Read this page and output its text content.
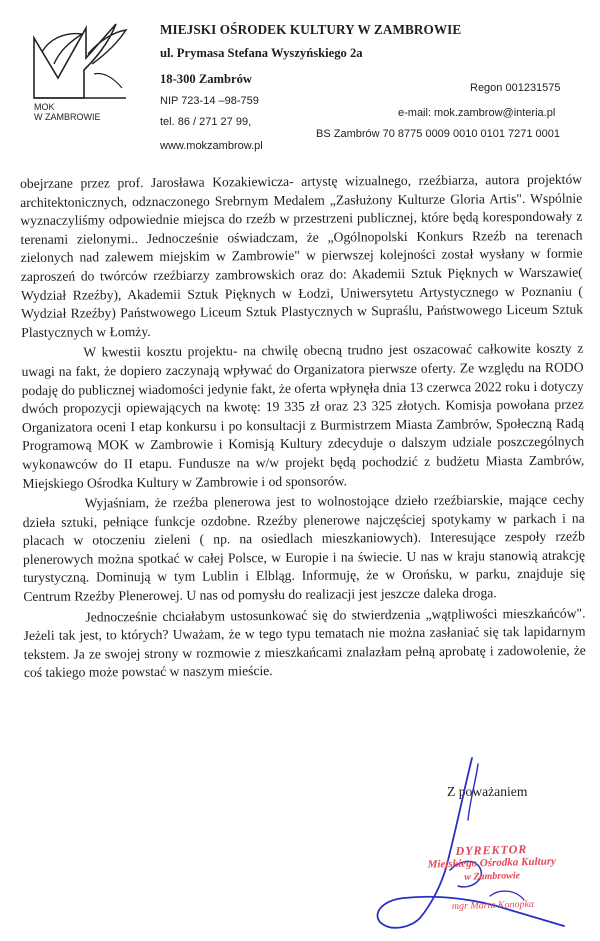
MOK
W ZAMBROWIE
MIEJSKI OŚRODEK KULTURY W ZAMBROWIE
ul. Prymasa Stefana Wyszyńskiego 2a
18-300 Zambrów
NIP 723-14 –98-759
tel. 86 / 271 27 99,
www.mokzambrow.pl
Regon 001231575
e-mail: mok.zambrow@interia.pl
BS Zambrów 70 8775 0009 0010 0101 7271 0001

obejrzane przez prof. Jarosława Kozakiewicza- artystę wizualnego, rzeźbiarza, autora projektów architektonicznych, odznaczonego Srebrnym Medalem „Zasłużony Kulturze Gloria Artis". Wspólnie wyznaczyliśmy odpowiednie miejsca do rzeźb w przestrzeni publicznej, które będą korespondowały z terenami zielonymi.. Jednocześnie oświadczam, że „Ogólnopolski Konkurs Rzeźb na terenach zielonych nad zalewem miejskim w Zambrowie" w pierwszej kolejności został wysłany w formie zaproszeń do twórców rzeźbiarzy zambrowskich oraz do: Akademii Sztuk Pięknych w Warszawie( Wydział Rzeźby), Akademii Sztuk Pięknych w Łodzi, Uniwersytetu Artystycznego w Poznaniu ( Wydział Rzeźby) Państwowego Liceum Sztuk Plastycznych w Supraślu, Państwowego Liceum Sztuk Plastycznych w Łomży.

W kwestii kosztu projektu- na chwilę obecną trudno jest oszacować całkowite koszty z uwagi na fakt, że dopiero zaczynają wpływać do Organizatora pierwsze oferty. Ze względu na RODO podaję do publicznej wiadomości jedynie fakt, że oferta wpłynęła dnia 13 czerwca 2022 roku i dotyczy dwóch propozycji opiewających na kwotę: 19 335 zł oraz 23 325 złotych. Komisja powołana przez Organizatora oceni I etap konkursu i po konsultacji z Burmistrzem Miasta Zambrów, Społeczną Radą Programową MOK w Zambrowie i Komisją Kultury zdecyduje o dalszym udziale poszczególnych wykonawców do II etapu. Fundusze na w/w projekt będą pochodzić z budżetu Miasta Zambrów, Miejskiego Ośrodka Kultury w Zambrowie i od sponsorów.

Wyjaśniam, że rzeźba plenerowa jest to wolnostojące dzieło rzeźbiarskie, mające cechy dzieła sztuki, pełniące funkcje ozdobne. Rzeźby plenerowe najczęściej spotykamy w parkach i na placach w otoczeniu zieleni ( np. na osiedlach mieszkaniowych). Interesujące zespoły rzeźb plenerowych można spotkać w całej Polsce, w Europie i na świecie. U nas w kraju stanowią atrakcję turystyczną. Dominują w tym Lublin i Elbląg. Informuję, że w Orońsku, w parku, znajduje się Centrum Rzeźby Plenerowej. U nas od pomysłu do realizacji jest jeszcze daleka droga.

Jednocześnie chciałabym ustosunkować się do stwierdzenia „wątpliwości mieszkańców". Jeżeli tak jest, to których? Uważam, że w tego typu tematach nie można zasłaniać się tak lapidarnym tekstem. Ja ze swojej strony w rozmowie z mieszkańcami znalazłam pełną aprobatę i zadowolenie, że coś takiego może powstać w naszym mieście.

Z poważaniem
DYREKTOR
Miejskiego Ośrodka Kultury
w Zambrowie
mgr Marta Konopka
